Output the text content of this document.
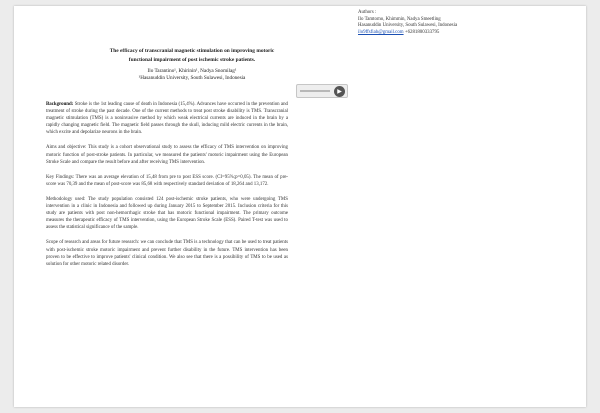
Authors :
Ilo Tamtomo, Khimmin, Nadya Smeetling
Hasanuddin University, South Sulawesi, Indonesia
ilo9ffsfiah@gmail.com +6281800333795
The efficacy of transcranial magnetic stimulation on improving motoric
functional impairment of post ischemic stroke patients.
Ilo Tarantino¹, Khirinin¹, Nadya Snomilag¹
¹Hasanuddin University, South Sulawesi, Indonesia
▶

Background: Stroke is the 1st leading cause of death in Indonesia (15,4%). Advances have occurred in the prevention and treatment of stroke during the past decade. One of the current methods to treat post stroke disability is TMS. Transcranial magnetic stimulation (TMS) is a noninvasive method by which weak electrical currents are induced in the brain by a rapidly changing magnetic field. The magnetic field passes through the skull, inducing mild electric currents in the brain, which excite and depolarize neurons in the brain.

Aims and objective: This study is a cohort observational study to assess the efficacy of TMS intervention on improving motoric function of post-stroke patients. In particular, we measured the patients' motoric impairment using the European Stroke Scale and compare the result before and after receiving TMS intervention.

Key Findings: There was an average elevation of 15,48 from pre to post ESS score. (CI=95%;p=0,05). The mean of pre-score was 70,39 and the mean of post-score was 85,68 with respectively standard deviation of 18,264 and 13,172.

Methodology used: The study population consisted 124 post-ischemic stroke patients, who were undergoing TMS intervention in a clinic in Indonesia and followed up during January 2015 to September 2015. Inclusion criteria for this study are patients with post non-hemorrhagic stroke that has motoric functional impairment. The primary outcome measures the therapeutic efficacy of TMS intervention, using the European Stroke Scale (ESS). Paired T-test was used to assess the statistical significance of the sample.

Scope of research and areas for future research: we can conclude that TMS is a technology that can be used to treat patients with post-ischemic stroke motoric impairment and prevent further disability in the future. TMS intervention has been proven to be effective to improve patients' clinical condition. We also see that there is a possibility of TMS to be used as solution for other motoric related disorder.
